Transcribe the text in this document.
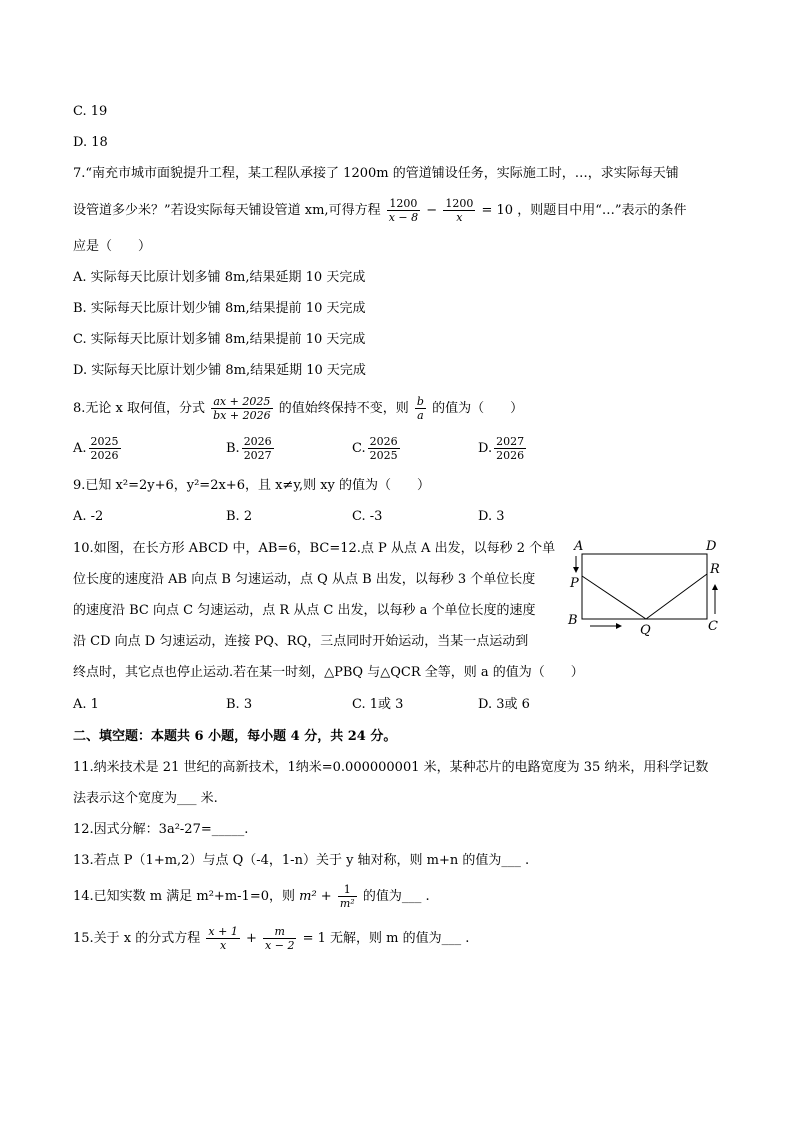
C. 19
D. 18
7.“南充市城市面貌提升工程，某工程队承接了 1200m 的管道铺设任务，实际施工时，…，求实际每天铺
设管道多少米？”若设实际每天铺设管道 xm,可得方程 $\frac{1200}{x - 8} - \frac{1200}{x} = 10$ ，则题目中用“…”表示的条件
应是（　　）
A. 实际每天比原计划多铺 8m,结果延期 10 天完成
B. 实际每天比原计划少铺 8m,结果提前 10 天完成
C. 实际每天比原计划多铺 8m,结果提前 10 天完成
D. 实际每天比原计划少铺 8m,结果延期 10 天完成
8.无论 x 取何值，分式 $\frac{ax + 2025}{bx + 2026}$ 的值始终保持不变，则 $\frac{b}{a}$ 的值为（　　）
A. $\frac{2025}{2026}$	B. $\frac{2026}{2027}$	C. $\frac{2026}{2025}$	D. $\frac{2027}{2026}$
9.已知 x²=2y+6，y²=2x+6，且 x≠y,则 xy 的值为（　　）
A. -2	B. 2	C. -3	D. 3
10.如图，在长方形 ABCD 中，AB=6，BC=12.点 P 从点 A 出发，以每秒 2 个单
位长度的速度沿 AB 向点 B 匀速运动，点 Q 从点 B 出发，以每秒 3 个单位长度
的速度沿 BC 向点 C 匀速运动，点 R 从点 C 出发，以每秒 a 个单位长度的速度
沿 CD 向点 D 匀速运动，连接 PQ、RQ，三点同时开始运动，当某一点运动到
终点时，其它点也停止运动.若在某一时刻，△PBQ 与△QCR 全等，则 a 的值为（　　）
A. 1	B. 3	C. 1或 3	D. 3或 6
A	D
P
R
B
Q	C
二、填空题：本题共 6 小题，每小题 4 分，共 24 分。
11.纳米技术是 21 世纪的高新技术，1纳米=0.000000001 米，某种芯片的电路宽度为 35 纳米，用科学记数
法表示这个宽度为___ 米.
12.因式分解：3a²-27=_____.
13.若点 P（1+m,2）与点 Q（-4，1-n）关于 y 轴对称，则 m+n 的值为___ .
14.已知实数 m 满足 m²+m-1=0，则 $m^2 + \frac{1}{\text{m²}}$ 的值为___ .
15.关于 x 的分式方程 $\frac{x + 1}{x} + \frac{m}{x - 2} = 1$ 无解，则 m 的值为___ .
